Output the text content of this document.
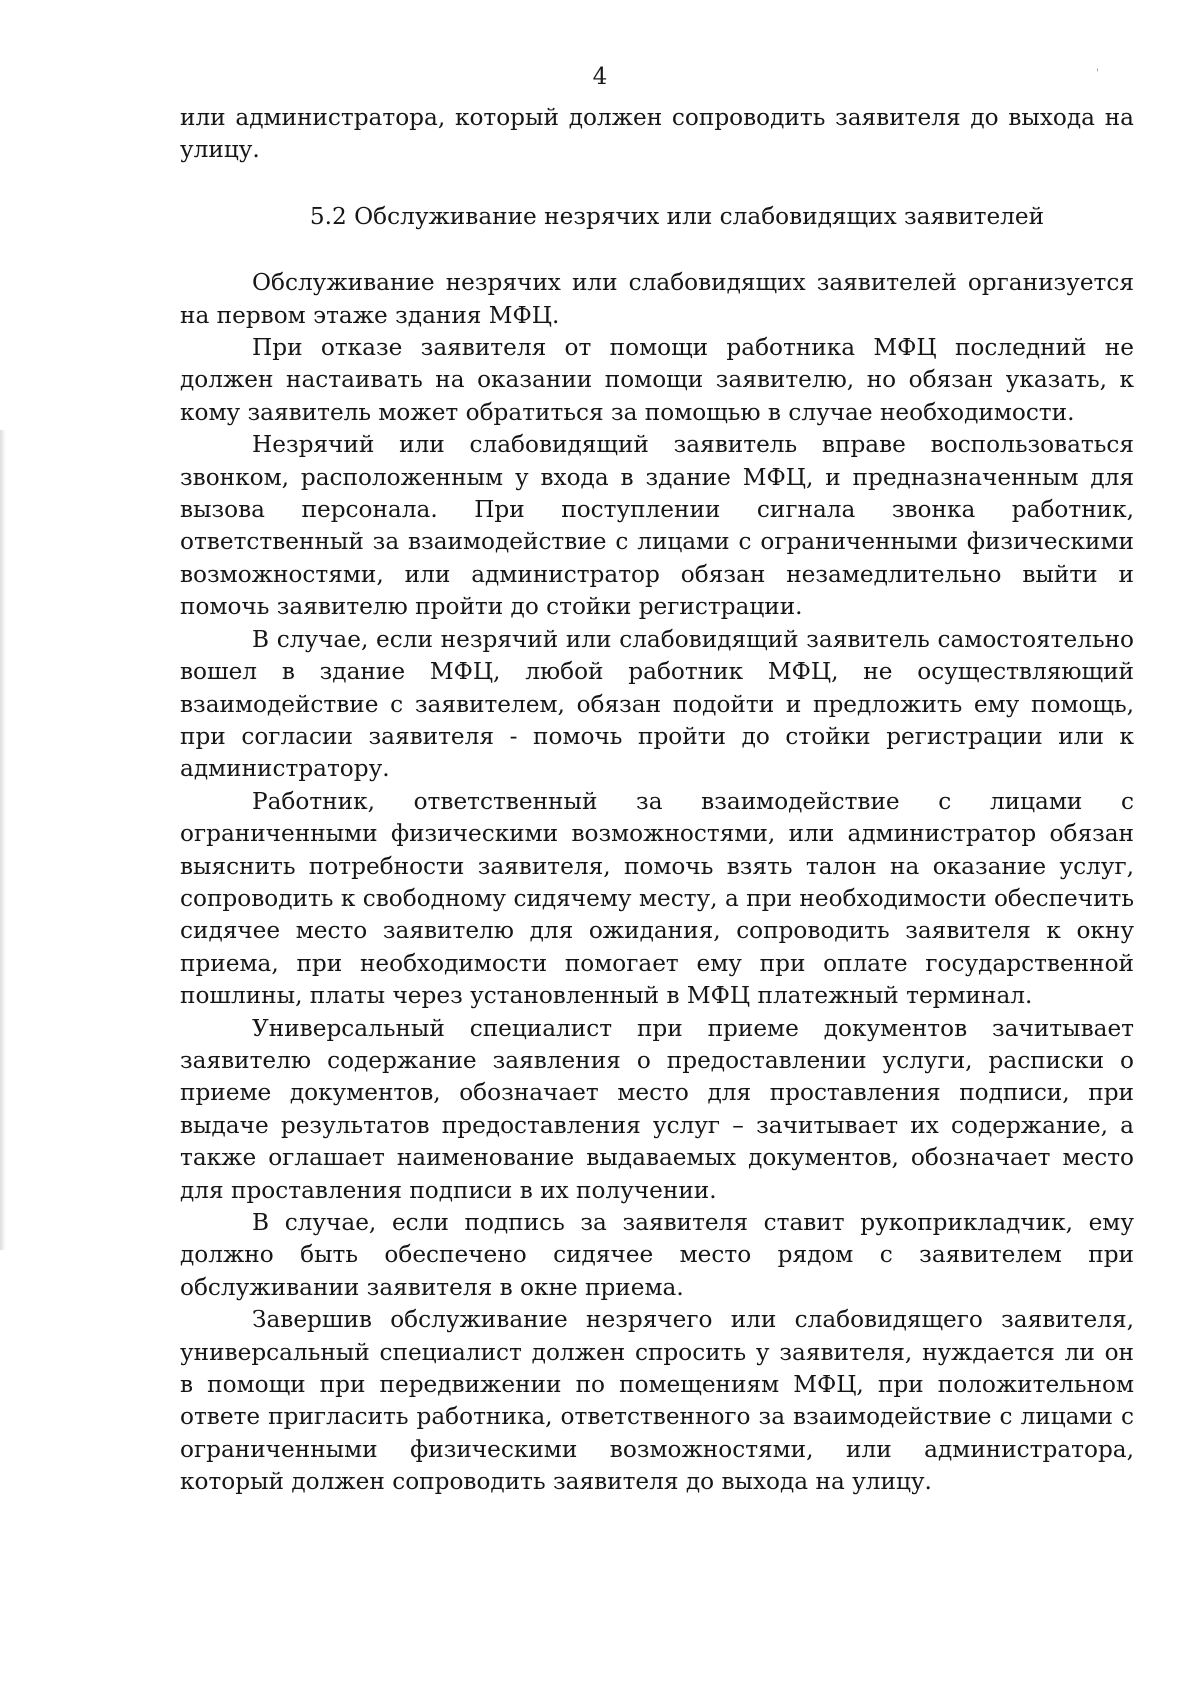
4	'

или администратора, который должен сопроводить заявителя до выхода на улицу.

5.2 Обслуживание незрячих или слабовидящих заявителей

Обслуживание незрячих или слабовидящих заявителей организуется на первом этаже здания МФЦ.

При отказе заявителя от помощи работника МФЦ последний не должен настаивать на оказании помощи заявителю, но обязан указать, к кому заявитель может обратиться за помощью в случае необходимости.

Незрячий или слабовидящий заявитель вправе воспользоваться звонком, расположенным у входа в здание МФЦ, и предназначенным для вызова персонала. При поступлении сигнала звонка работник, ответственный за взаимодействие с лицами с ограниченными физическими возможностями, или администратор обязан незамедлительно выйти и помочь заявителю пройти до стойки регистрации.

В случае, если незрячий или слабовидящий заявитель самостоятельно вошел в здание МФЦ, любой работник МФЦ, не осуществляющий взаимодействие с заявителем, обязан подойти и предложить ему помощь, при согласии заявителя - помочь пройти до стойки регистрации или к администратору.

Работник, ответственный за взаимодействие с лицами с ограниченными физическими возможностями, или администратор обязан выяснить потребности заявителя, помочь взять талон на оказание услуг, сопроводить к свободному сидячему месту, а при необходимости обеспечить сидячее место заявителю для ожидания, сопроводить заявителя к окну приема, при необходимости помогает ему при оплате государственной пошлины, платы через установленный в МФЦ платежный терминал.

Универсальный специалист при приеме документов зачитывает заявителю содержание заявления о предоставлении услуги, расписки о приеме документов, обозначает место для проставления подписи, при выдаче результатов предоставления услуг – зачитывает их содержание, а также оглашает наименование выдаваемых документов, обозначает место для проставления подписи в их получении.

В случае, если подпись за заявителя ставит рукоприкладчик, ему должно быть обеспечено сидячее место рядом с заявителем при обслуживании заявителя в окне приема.

Завершив обслуживание незрячего или слабовидящего заявителя, универсальный специалист должен спросить у заявителя, нуждается ли он в помощи при передвижении по помещениям МФЦ, при положительном ответе пригласить работника, ответственного за взаимодействие с лицами с ограниченными физическими возможностями, или администратора, который должен сопроводить заявителя до выхода на улицу.
